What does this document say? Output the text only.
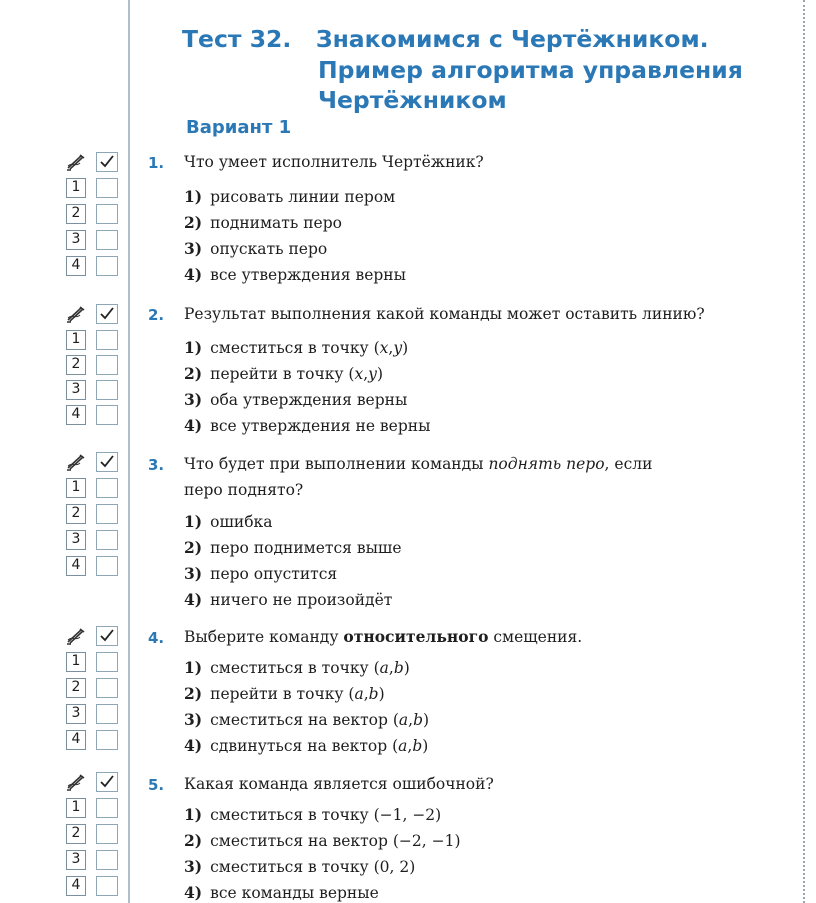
Тест 32.   Знакомимся с Чертёжником.
Пример алгоритма управления
Чертёжником
Вариант 1
1. Что умеет исполнитель Чертёжник?
1) рисовать линии пером
2) поднимать перо
3) опускать перо
4) все утверждения верны
2. Результат выполнения какой команды может оставить линию?
1) сместиться в точку (x,y)
2) перейти в точку (x,y)
3) оба утверждения верны
4) все утверждения не верны
3. Что будет при выполнении команды поднять перо, если
перо поднято?
1) ошибка
2) перо поднимется выше
3) перо опустится
4) ничего не произойдёт
4. Выберите команду относительного смещения.
1) сместиться в точку (a,b)
2) перейти в точку (a,b)
3) сместиться на вектор (a,b)
4) сдвинуться на вектор (a,b)
5. Какая команда является ошибочной?
1) сместиться в точку (−1, −2)
2) сместиться на вектор (−2, −1)
3) сместиться в точку (0, 2)
4) все команды верные
1
2
3
4
1
2
3
4
1
2
3
4
1
2
3
4
1
2
3
4
